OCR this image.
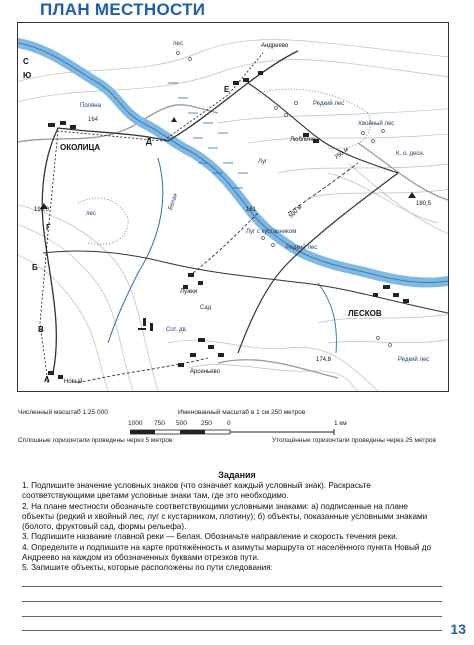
ПЛАН МЕСТНОСТИ
лес	Андреево
С
Ю
Поляна
164
Д
ОКОЛИЦА
Е
Редкий лес
Хвойный лес
Люблино
750 м	К. о. десн.
Луг
198,0
лес
Г
500 м
161
Луг с кустарником
Редкий лес
180,5
Белая
Б
Лужки
Сад
ЛЕСКОВ
В	Сот. дв.
Арсеньево
174,8	Редкий лес
А Новый
Численный масштаб 1:25 000	Именованный масштаб в 1 см 250 метров
1000 750 500 250 0	1 км
Сплошные горизонтали проведены через 5 метров	Утолщённые горизонтали проведены через 25 метров
Задания

1. Подпишите значение условных знаков (что означает каждый условный знак). Раскрасьте соответствующими цветами условные знаки там, где это необходимо.

2. На плане местности обозначьте соответствующими условными знаками: а) подписанные на плане объекты (редкий и хвойный лес, луг с кустарником, плотину); б) объекты, показанные условными знаками (болото, фруктовый сад, формы рельефа).

3. Подпишите название главной реки — Белая. Обозначьте направление и скорость течения реки.

4. Определите и подпишите на карте протяжённость и азимуты маршрута от населённого пункта Новый до Андреево на каждом из обозначенных буквами отрезков пути.

5. Запишите объекты, которые расположены по пути следования:

13
